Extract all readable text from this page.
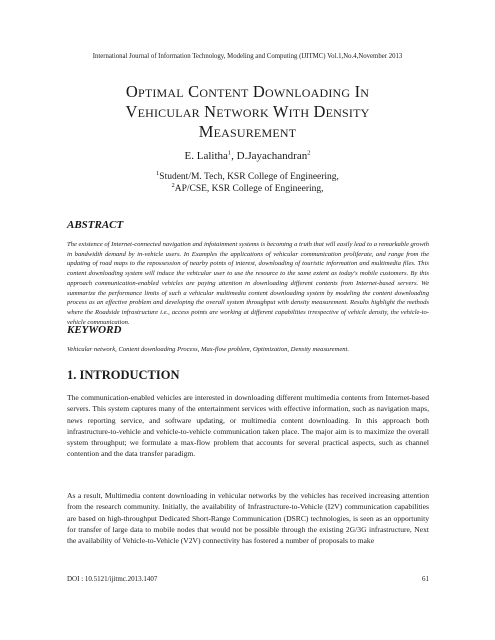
International Journal of Information Technology, Modeling and Computing (IJITMC) Vol.1,No.4,November 2013
Optimal Content Downloading In
Vehicular Network With Density
Measurement
E. Lalitha$^1$, D.Jayachandran$^2$
$^1$Student/M. Tech, KSR College of Engineering,
$^2$AP/CSE, KSR College of Engineering,
ABSTRACT
The existence of Internet-connected navigation and infotainment systems is becoming a truth that will easily lead to a remarkable growth in bandwidth demand by in-vehicle users. In Examples the applications of vehicular communication proliferate, and range from the updating of road maps to the repossession of nearby points of interest, downloading of touristic information and multimedia files. This content downloading system will induce the vehicular user to use the resource to the same extent as today's mobile customers. By this approach communication-enabled vehicles are paying attention in downloading different contents from Internet-based servers. We summarize the performance limits of such a vehicular multimedia content downloading system by modeling the content downloading process as an effective problem and developing the overall system throughput with density measurement. Results highlight the methods where the Roadside infrastructure i.e., access points are working at different capabilities irrespective of vehicle density, the vehicle-to-vehicle communication.
KEYWORD
Vehicular network, Content downloading Process, Max-flow problem, Optimization, Density measurement.
1. INTRODUCTION
The communication-enabled vehicles are interested in downloading different multimedia contents from Internet-based servers. This system captures many of the entertainment services with effective information, such as navigation maps, news reporting service, and software updating, or multimedia content downloading. In this approach both infrastructure-to-vehicle and vehicle-to-vehicle communication taken place. The major aim is to maximize the overall system throughput; we formulate a max-flow problem that accounts for several practical aspects, such as channel contention and the data transfer paradigm.
As a result, Multimedia content downloading in vehicular networks by the vehicles has received increasing attention from the research community. Initially, the availability of Infrastructure-to-Vehicle (I2V) communication capabilities are based on high-throughput Dedicated Short-Range Communication (DSRC) technologies, is seen as an opportunity for transfer of large data to mobile nodes that would not be possible through the existing 2G/3G infrastructure, Next the availability of Vehicle-to-Vehicle (V2V) connectivity has fostered a number of proposals to make
DOI : 10.5121/ijitmc.2013.1407	61
